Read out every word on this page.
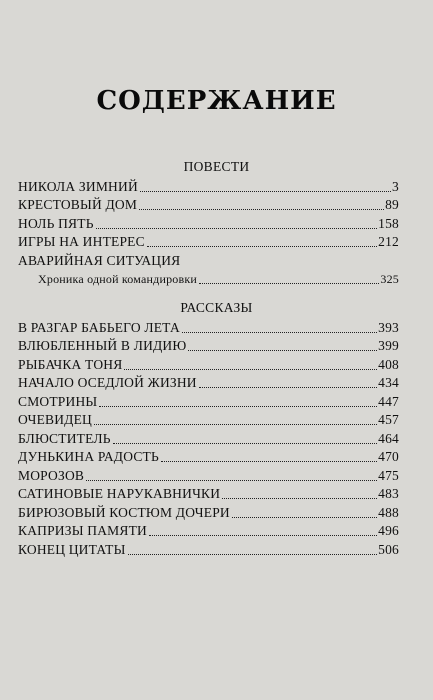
СОДЕРЖАНИЕ
ПОВЕСТИ
НИКОЛА ЗИМНИЙ	3
КРЕСТОВЫЙ ДОМ	89
НОЛЬ ПЯТЬ	158
ИГРЫ НА ИНТЕРЕС	212
АВАРИЙНАЯ СИТУАЦИЯ
Хроника одной командировки	325
РАССКАЗЫ
В РАЗГАР БАБЬЕГО ЛЕТА	393
ВЛЮБЛЕННЫЙ В ЛИДИЮ	399
РЫБАЧКА ТОНЯ	408
НАЧАЛО ОСЕДЛОЙ ЖИЗНИ	434
СМОТРИНЫ	447
ОЧЕВИДЕЦ	457
БЛЮСТИТЕЛЬ	464
ДУНЬКИНА РАДОСТЬ	470
МОРОЗОВ	475
САТИНОВЫЕ НАРУКАВНИЧКИ	483
БИРЮЗОВЫЙ КОСТЮМ ДОЧЕРИ	488
КАПРИЗЫ ПАМЯТИ	496
КОНЕЦ ЦИТАТЫ	506
